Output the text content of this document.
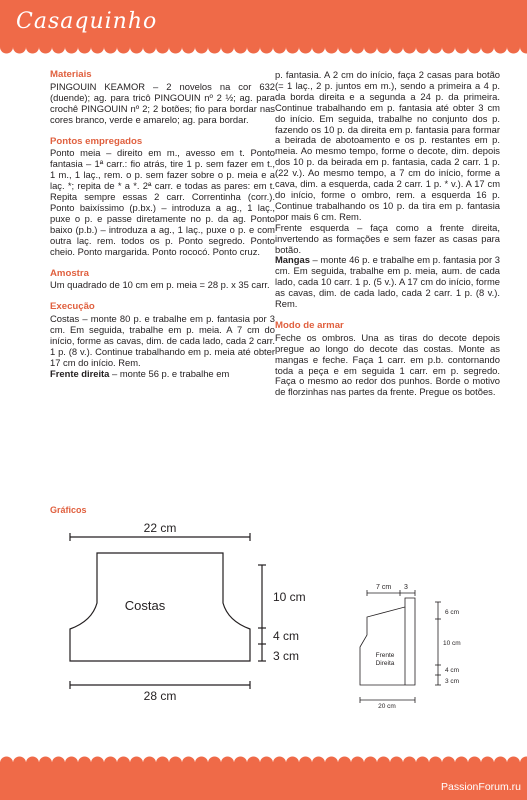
Casaquinho
Materiais
PINGOUIN KEAMOR – 2 novelos na cor 632 (duende); ag. para tricô PINGOUIN nº 2 ½; ag. para crochê PINGOUIN nº 2; 2 botões; fio para bordar nas cores branco, verde e amarelo; ag. para bordar.
Pontos empregados
Ponto meia – direito em m., avesso em t. Ponto fantasia – 1ª carr.: fio atrás, tire 1 p. sem fazer em t., 1 m., 1 laç., rem. o p. sem fazer sobre o p. meia e a laç. *; repita de * a *. 2ª carr. e todas as pares: em t. Repita sempre essas 2 carr. Correntinha (corr.). Ponto baixíssimo (p.bx.) – introduza a ag., 1 laç., puxe o p. e passe diretamente no p. da ag. Ponto baixo (p.b.) – introduza a ag., 1 laç., puxe o p. e com outra laç. rem. todos os p. Ponto segredo. Ponto cheio. Ponto margarida. Ponto rococó. Ponto cruz.
Amostra
Um quadrado de 10 cm em p. meia = 28 p. x 35 carr.
Execução
Costas – monte 80 p. e trabalhe em p. fantasia por 3 cm. Em seguida, trabalhe em p. meia. A 7 cm do início, forme as cavas, dim. de cada lado, cada 2 carr. 1 p. (8 v.). Continue trabalhando em p. meia até obter 17 cm do início. Rem.
Frente direita – monte 56 p. e trabalhe em
p. fantasia. A 2 cm do início, faça 2 casas para botão (= 1 laç., 2 p. juntos em m.), sendo a primeira a 4 p. da borda direita e a segunda a 24 p. da primeira. Continue trabalhando em p. fantasia até obter 3 cm do início. Em seguida, trabalhe no conjunto dos p. fazendo os 10 p. da direita em p. fantasia para formar a beirada de abotoamento e os p. restantes em p. meia. Ao mesmo tempo, forme o decote, dim. depois dos 10 p. da beirada em p. fantasia, cada 2 carr. 1 p. (22 v.). Ao mesmo tempo, a 7 cm do início, forme a cava, dim. a esquerda, cada 2 carr. 1 p. * v.). A 17 cm do início, forme o ombro, rem. a esquerda 16 p. Continue trabalhando os 10 p. da tira em p. fantasia por mais 6 cm. Rem.
Frente esquerda – faça como a frente direita, invertendo as formações e sem fazer as casas para botão.
Mangas – monte 46 p. e trabalhe em p. fantasia por 3 cm. Em seguida, trabalhe em p. meia, aum. de cada lado, cada 10 carr. 1 p. (5 v.). A 17 cm do início, forme as cavas, dim. de cada lado, cada 2 carr. 1 p. (8 v.). Rem.
Modo de armar
Feche os ombros. Una as tiras do decote depois pregue ao longo do decote das costas. Monte as mangas e feche. Faça 1 carr. em p.b. contornando toda a peça e em seguida 1 carr. em p. segredo. Faça o mesmo ao redor dos punhos. Borde o motivo de florzinhas nas partes da frente. Pregue os botões.
Gráficos
22 cm
Costas
28 cm
10 cm
4 cm
3 cm
7 cm 3
Frente
Direita
20 cm
6 cm
10 cm
4 cm
3 cm
PassionForum.ru
